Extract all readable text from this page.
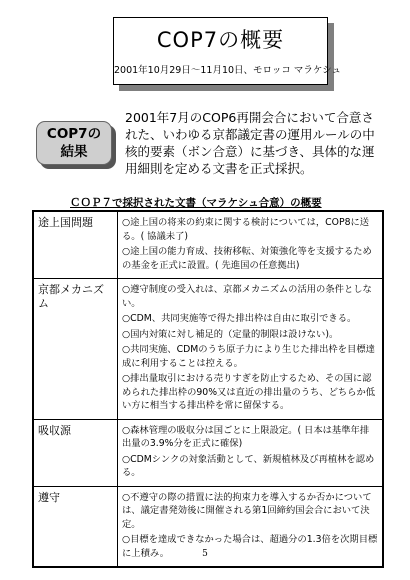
COP7の概要
2001年10月29日～11月10日、モロッコ マラケシュ
COP7の
結果
2001年7月のCOP6再開会合において合意された、いわゆる京都議定書の運用ルールの中核的要素（ボン合意）に基づき、具体的な運用細則を定める文書を正式採択。
ＣＯＰ７で採択された文書（マラケシュ合意）の概要
途上国問題	○途上国の将来の約束に関する検討については，COP8に送る。( 協議未了)
○途上国の能力育成、技術移転、対策強化等を支援するための基金を正式に設置。( 先進国の任意拠出)
京都メカニズム
○遵守制度の受入れは、京都メカニズムの活用の条件としない。
○CDM、共同実施等で得た排出枠は自由に取引できる。
○国内対策に対し補足的（定量的制限は設けない)。
○共同実施、CDMのうち原子力により生じた排出枠を目標達成に利用することは控える。
○排出量取引における売りすぎを防止するため、その国に認められた排出枠の90%又は直近の排出量のうち、どちらか低い方に相当する排出枠を常に留保する。
吸収源	○森林管理の吸収分は国ごとに上限設定。( 日本は基準年排出量の3.9%分を正式に確保)
○CDMシンクの対象活動として、新規植林及び再植林を認める。
遵守	○不遵守の際の措置に法的拘束力を導入するか否かについては、議定書発効後に開催される第1回締約国会合において決定。
○目標を達成できなかった場合は、超過分の1.3倍を次期目標に上積み。	5
